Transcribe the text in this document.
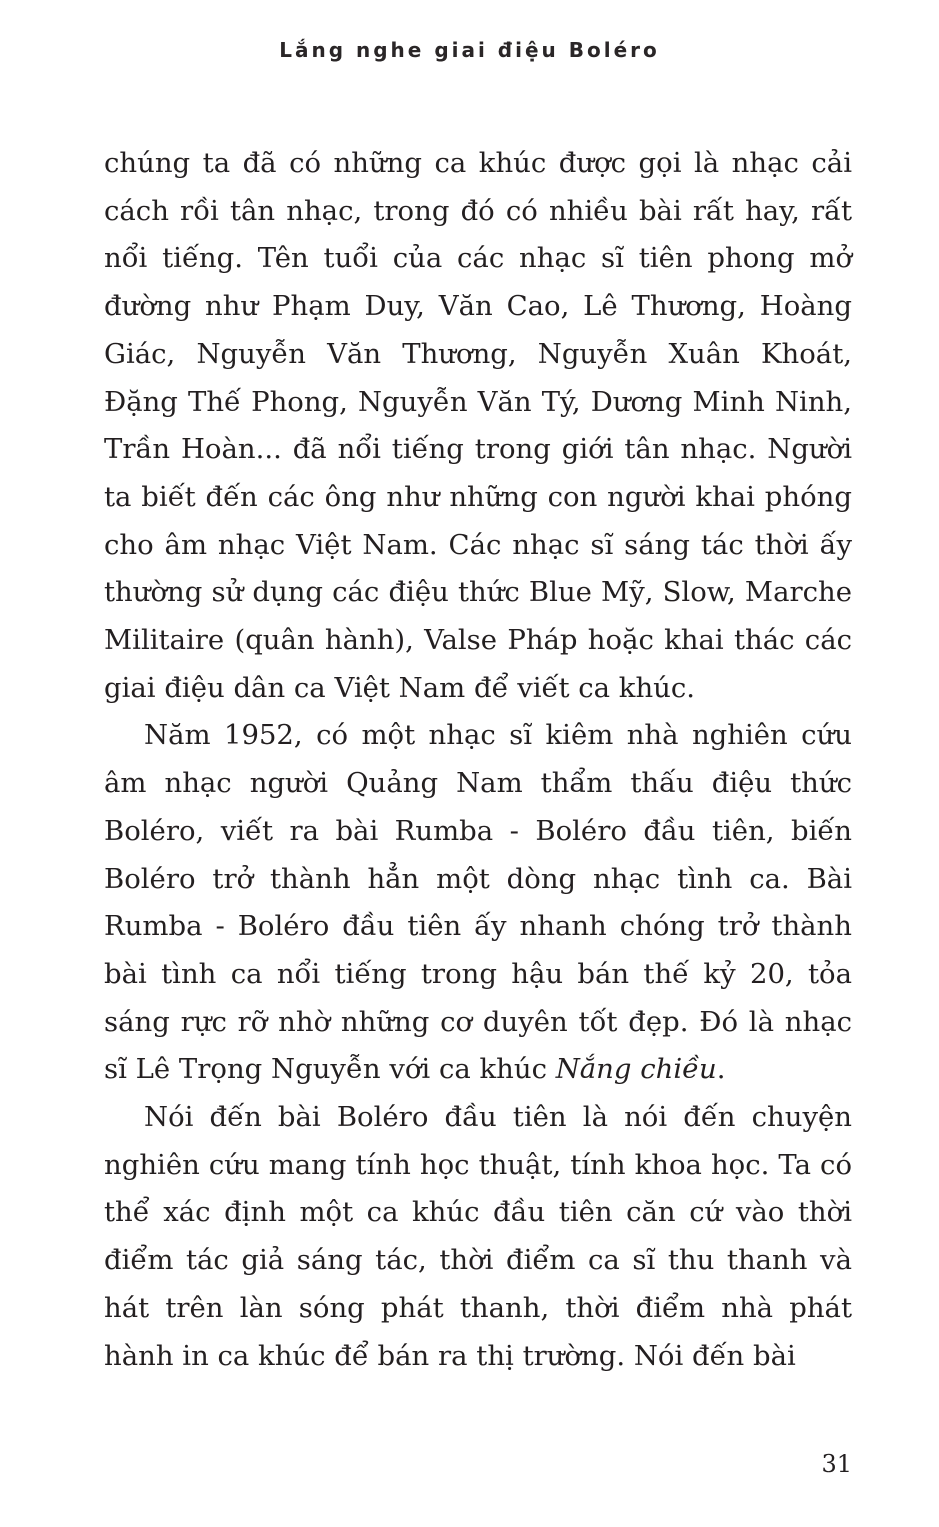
Lắng nghe giai điệu Boléro

chúng ta đã có những ca khúc được gọi là nhạc cải cách rồi tân nhạc, trong đó có nhiều bài rất hay, rất nổi tiếng. Tên tuổi của các nhạc sĩ tiên phong mở đường như Phạm Duy, Văn Cao, Lê Thương, Hoàng Giác, Nguyễn Văn Thương, Nguyễn Xuân Khoát, Đặng Thế Phong, Nguyễn Văn Tý, Dương Minh Ninh, Trần Hoàn... đã nổi tiếng trong giới tân nhạc. Người ta biết đến các ông như những con người khai phóng cho âm nhạc Việt Nam. Các nhạc sĩ sáng tác thời ấy thường sử dụng các điệu thức Blue Mỹ, Slow, Marche Militaire (quân hành), Valse Pháp hoặc khai thác các giai điệu dân ca Việt Nam để viết ca khúc.

Năm 1952, có một nhạc sĩ kiêm nhà nghiên cứu âm nhạc người Quảng Nam thẩm thấu điệu thức Boléro, viết ra bài Rumba - Boléro đầu tiên, biến Boléro trở thành hẳn một dòng nhạc tình ca. Bài Rumba - Boléro đầu tiên ấy nhanh chóng trở thành bài tình ca nổi tiếng trong hậu bán thế kỷ 20, tỏa sáng rực rỡ nhờ những cơ duyên tốt đẹp. Đó là nhạc sĩ Lê Trọng Nguyễn với ca khúc Nắng chiều.

Nói đến bài Boléro đầu tiên là nói đến chuyện nghiên cứu mang tính học thuật, tính khoa học. Ta có thể xác định một ca khúc đầu tiên căn cứ vào thời điểm tác giả sáng tác, thời điểm ca sĩ thu thanh và hát trên làn sóng phát thanh, thời điểm nhà phát hành in ca khúc để bán ra thị trường. Nói đến bài

31
